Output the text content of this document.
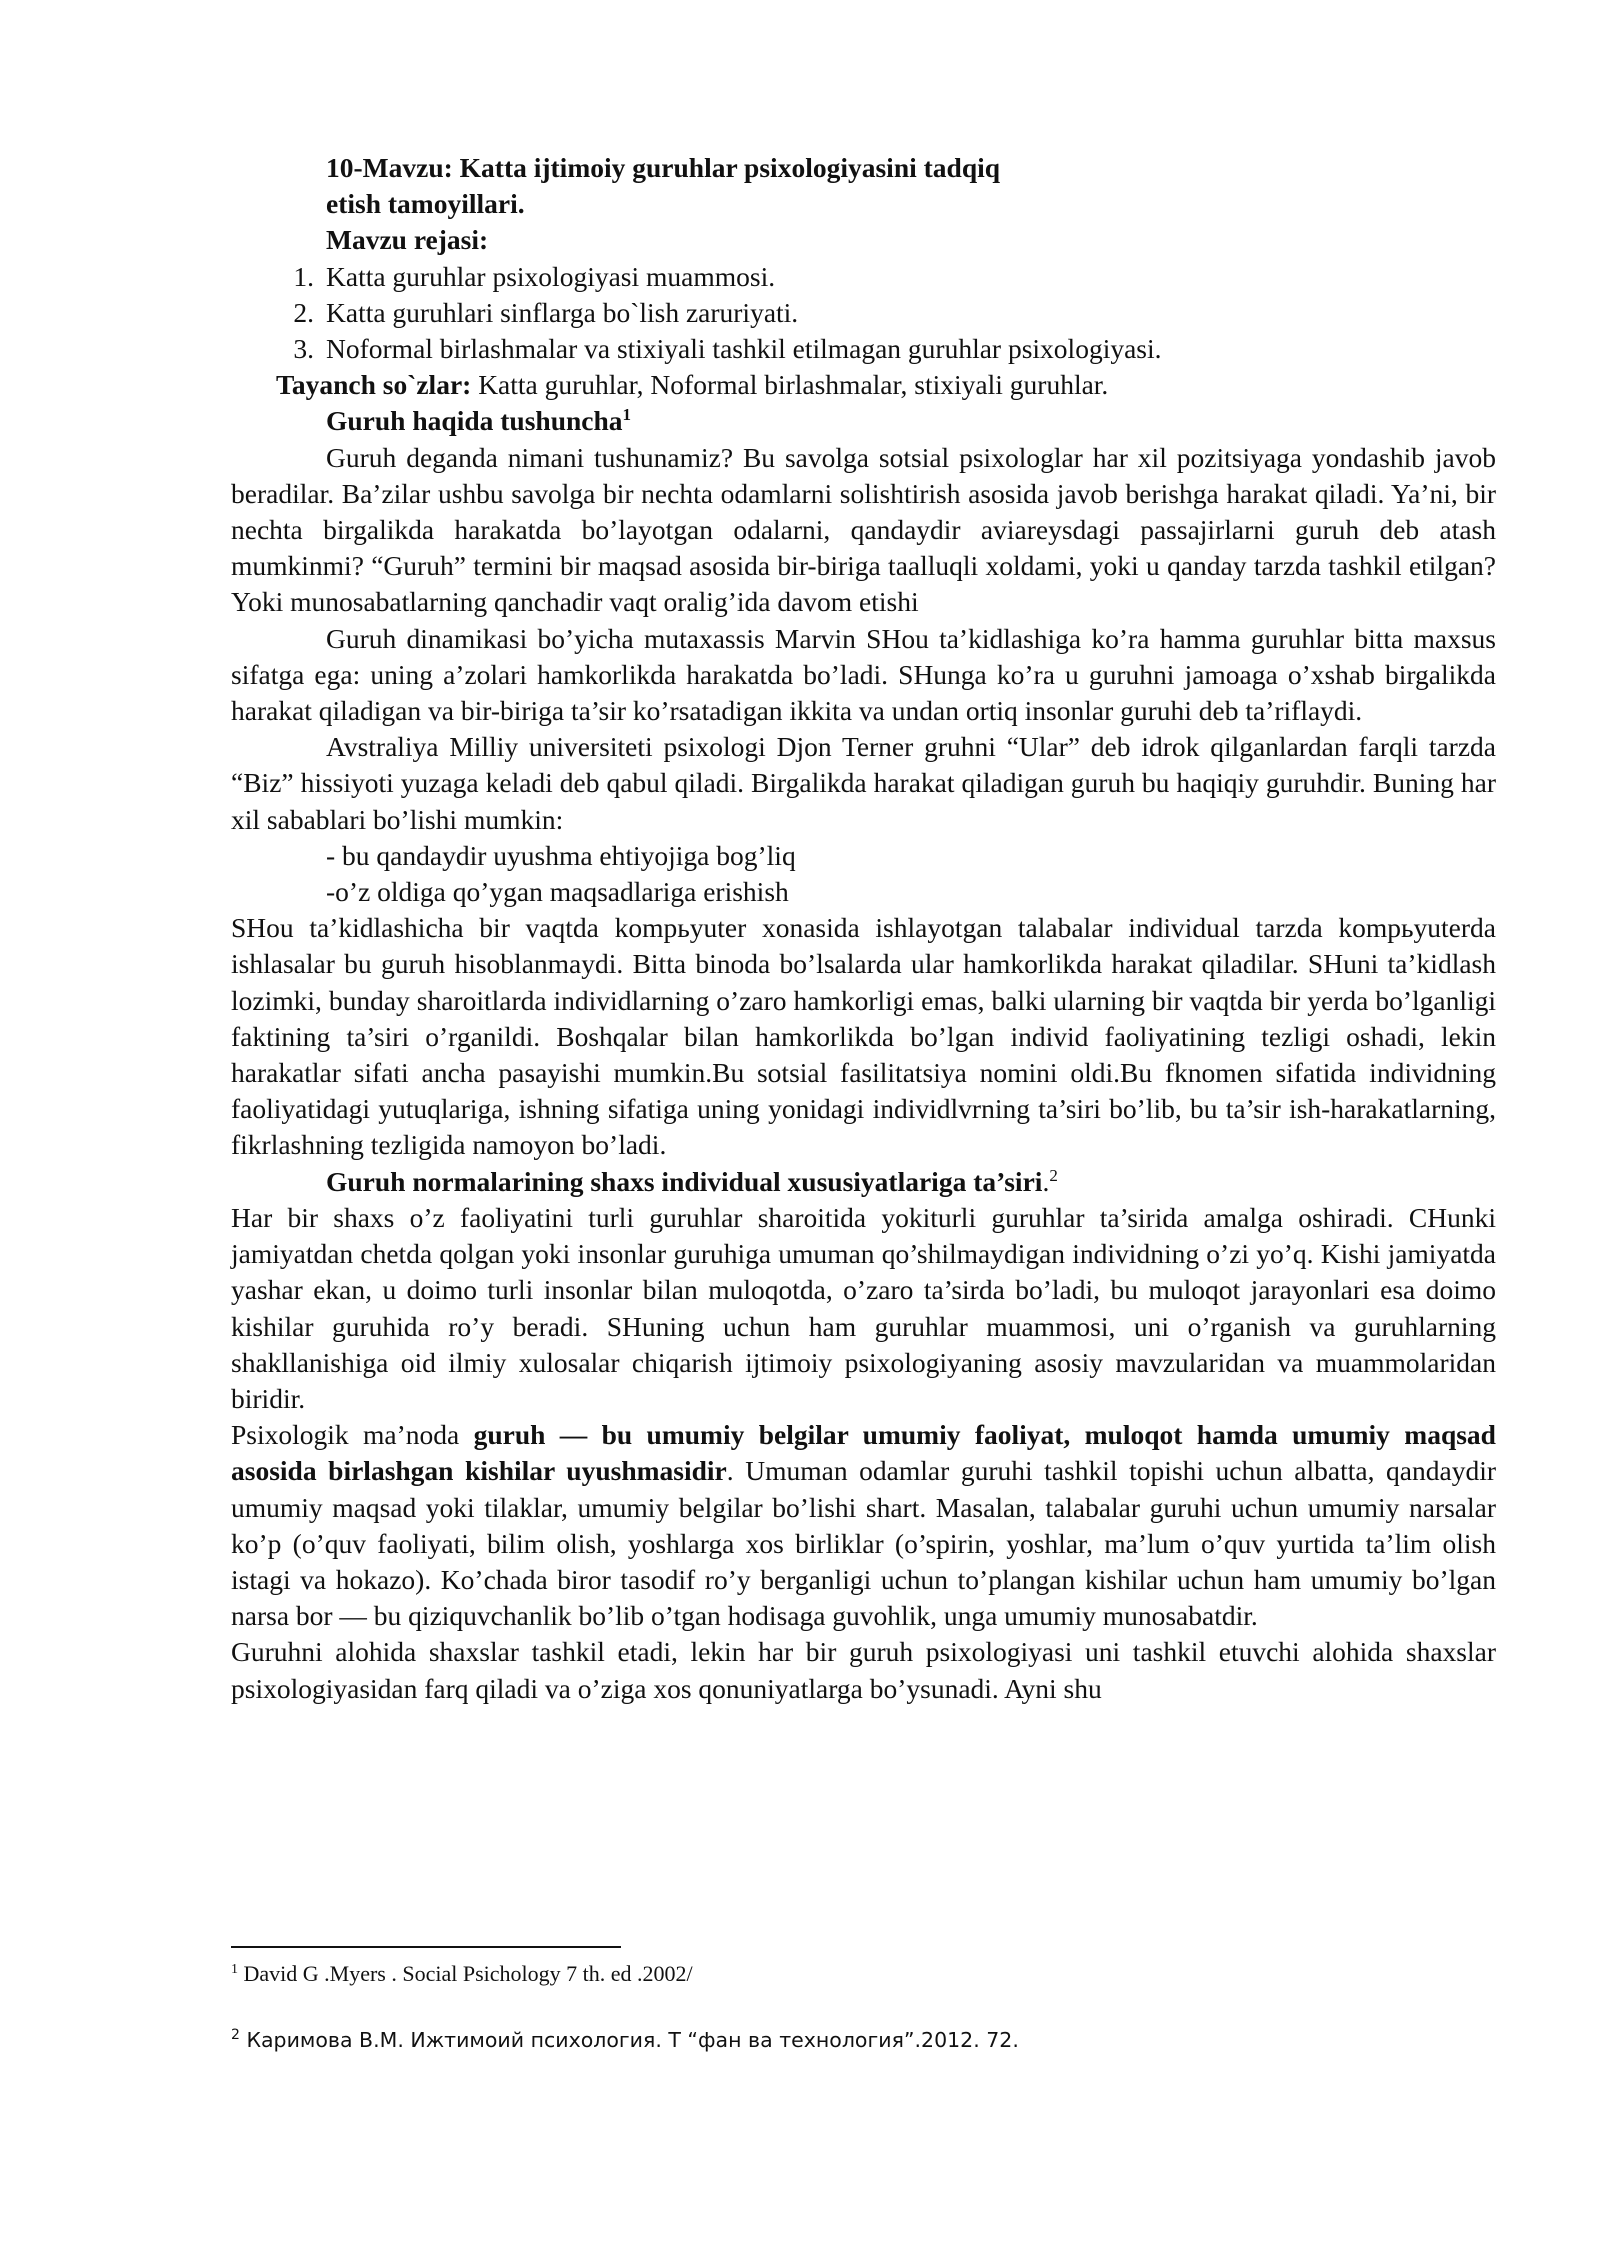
10-Mavzu: Katta ijtimoiy guruhlar psixologiyasini tadqiq
etish tamoyillari.
Mavzu rejasi:
1. Katta guruhlar psixologiyasi muammosi.
2. Katta guruhlari sinflarga bo`lish zaruriyati.
3. Noformal birlashmalar va stixiyali tashkil etilmagan guruhlar psixologiyasi.
Tayanch so`zlar: Katta guruhlar, Noformal birlashmalar, stixiyali guruhlar.
Guruh haqida tushuncha$^1$
Guruh deganda nimani tushunamiz? Bu savolga sotsial psixologlar har xil pozitsiyaga yondashib javob beradilar. Ba’zilar ushbu savolga bir nechta odamlarni solishtirish asosida javob berishga harakat qiladi. Ya’ni, bir nechta birgalikda harakatda bo’layotgan odalarni, qandaydir aviareysdagi passajirlarni guruh deb atash mumkinmi? “Guruh” termini bir maqsad asosida bir-biriga taalluqli xoldami, yoki u qanday tarzda tashkil etilgan? Yoki munosabatlarning qanchadir vaqt oralig’ida davom etishi
Guruh dinamikasi bo’yicha mutaxassis Marvin SHou ta’kidlashiga ko’ra hamma guruhlar bitta maxsus sifatga ega: uning a’zolari hamkorlikda harakatda bo’ladi. SHunga ko’ra u guruhni jamoaga o’xshab birgalikda harakat qiladigan va bir-biriga ta’sir ko’rsatadigan ikkita va undan ortiq insonlar guruhi deb ta’riflaydi.
Avstraliya Milliy universiteti psixologi Djon Terner gruhni “Ular” deb idrok qilganlardan farqli tarzda “Biz” hissiyoti yuzaga keladi deb qabul qiladi. Birgalikda harakat qiladigan guruh bu haqiqiy guruhdir. Buning har xil sabablari bo’lishi mumkin:
- bu qandaydir uyushma ehtiyojiga bog’liq
-o’z oldiga qo’ygan maqsadlariga erishish
SHou ta’kidlashicha bir vaqtda kompьyuter xonasida ishlayotgan talabalar individual tarzda kompьyuterda ishlasalar bu guruh hisoblanmaydi. Bitta binoda bo’lsalarda ular hamkorlikda harakat qiladilar. SHuni ta’kidlash lozimki, bunday sharoitlarda individlarning o’zaro hamkorligi emas, balki ularning bir vaqtda bir yerda bo’lganligi faktining ta’siri o’rganildi. Boshqalar bilan hamkorlikda bo’lgan individ faoliyatining tezligi oshadi, lekin harakatlar sifati ancha pasayishi mumkin.Bu sotsial fasilitatsiya nomini oldi.Bu fknomen sifatida individning faoliyatidagi yutuqlariga, ishning sifatiga uning yonidagi individlvrning ta’siri bo’lib, bu ta’sir ish-harakatlarning, fikrlashning tezligida namoyon bo’ladi.
Guruh normalarining shaxs individual xususiyatlariga ta’siri.$^2$
Har bir shaxs o’z faoliyatini turli guruhlar sharoitida yokiturli guruhlar ta’sirida amalga oshiradi. CHunki jamiyatdan chetda qolgan yoki insonlar guruhiga umuman qo’shilmaydigan individning o’zi yo’q. Kishi jamiyatda yashar ekan, u doimo turli insonlar bilan muloqotda, o’zaro ta’sirda bo’ladi, bu muloqot jarayonlari esa doimo kishilar guruhida ro’y beradi. SHuning uchun ham guruhlar muammosi, uni o’rganish va guruhlarning shakllanishiga oid ilmiy xulosalar chiqarish ijtimoiy psixologiyaning asosiy mavzularidan va muammolaridan biridir.
Psixologik ma’noda guruh — bu umumiy belgilar umumiy faoliyat, muloqot hamda umumiy maqsad asosida birlashgan kishilar uyushmasidir. Umuman odamlar guruhi tashkil topishi uchun albatta, qandaydir umumiy maqsad yoki tilaklar, umumiy belgilar bo’lishi shart. Masalan, talabalar guruhi uchun umumiy narsalar ko’p (o’quv faoliyati, bilim olish, yoshlarga xos birliklar (o’spirin, yoshlar, ma’lum o’quv yurtida ta’lim olish istagi va hokazo). Ko’chada biror tasodif ro’y berganligi uchun to’plangan kishilar uchun ham umumiy bo’lgan narsa bor — bu qiziquvchanlik bo’lib o’tgan hodisaga guvohlik, unga umumiy munosabatdir.
Guruhni alohida shaxslar tashkil etadi, lekin har bir guruh psixologiyasi uni tashkil etuvchi alohida shaxslar psixologiyasidan farq qiladi va o’ziga xos qonuniyatlarga bo’ysunadi. Ayni shu
$^1$ David G .Myers . Social Psichology 7 th. ed .2002/
$^2$ Каримова В.М. Ижтимоий психология. Т “фан ва технология”.2012. 72.
